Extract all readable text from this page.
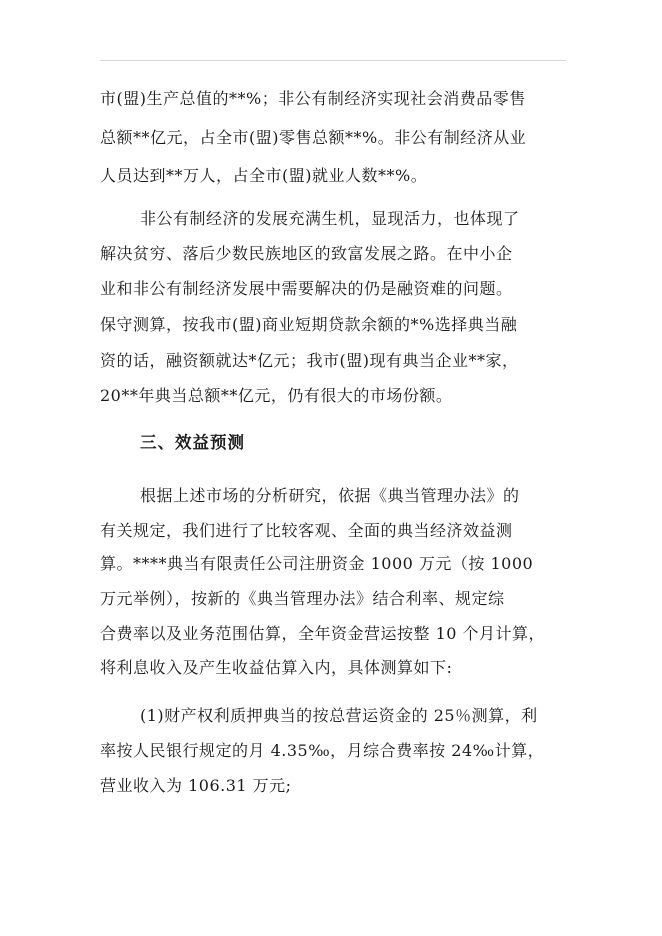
市(盟)生产总值的**%；非公有制经济实现社会消费品零售
总额**亿元，占全市(盟)零售总额**%。非公有制经济从业
人员达到**万人，占全市(盟)就业人数**%。
非公有制经济的发展充满生机，显现活力，也体现了
解决贫穷、落后少数民族地区的致富发展之路。在中小企
业和非公有制经济发展中需要解决的仍是融资难的问题。
保守测算，按我市(盟)商业短期贷款余额的*%选择典当融
资的话，融资额就达*亿元；我市(盟)现有典当企业**家，
20**年典当总额**亿元，仍有很大的市场份额。
三、效益预测
根据上述市场的分析研究，依据《典当管理办法》的
有关规定，我们进行了比较客观、全面的典当经济效益测
算。****典当有限责任公司注册资金 1000 万元（按 1000
万元举例），按新的《典当管理办法》结合利率、规定综
合费率以及业务范围估算，全年资金营运按整 10 个月计算，
将利息收入及产生收益估算入内，具体测算如下:
(1)财产权利质押典当的按总营运资金的 25％测算，利
率按人民银行规定的月 4.35‰，月综合费率按 24‰计算，
营业收入为 106.31 万元;
